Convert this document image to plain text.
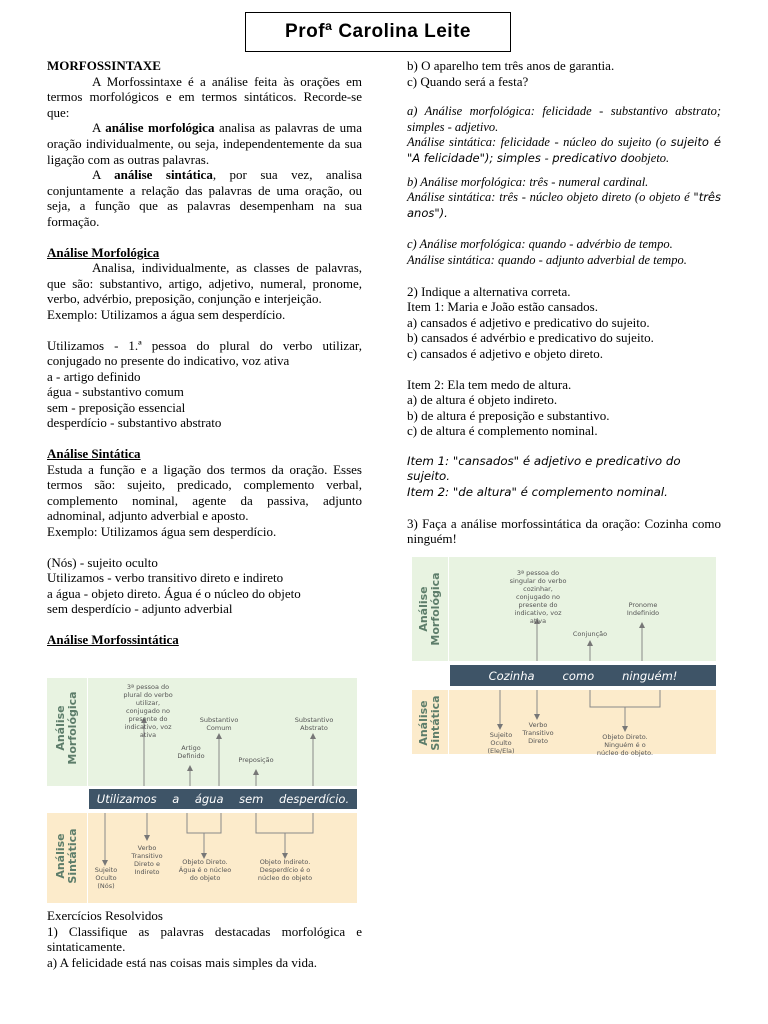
Profª Carolina Leite

MORFOSSINTAXE

A Morfossintaxe é a análise feita às orações em termos morfológicos e em termos sintáticos. Recorde-se que:

A análise morfológica analisa as palavras de uma oração individualmente, ou seja, independentemente da sua ligação com as outras palavras.

A análise sintática, por sua vez, analisa conjuntamente a relação das palavras de uma oração, ou seja, a função que as palavras desempenham na sua formação.

Análise Morfológica

Analisa, individualmente, as classes de palavras, que são: substantivo, artigo, adjetivo, numeral, pronome, verbo, advérbio, preposição, conjunção e interjeição.

Exemplo: Utilizamos a água sem desperdício.

Utilizamos - 1.ª pessoa do plural do verbo utilizar, conjugado no presente do indicativo, voz ativa

a - artigo definido

água - substantivo comum

sem - preposição essencial

desperdício - substantivo abstrato

Análise Sintática

Estuda a função e a ligação dos termos da oração. Esses termos são: sujeito, predicado, complemento verbal, complemento nominal, agente da passiva, adjunto adnominal, adjunto adverbial e aposto.

Exemplo: Utilizamos água sem desperdício.

(Nós) - sujeito oculto

Utilizamos - verbo transitivo direto e indireto

a água - objeto direto. Água é o núcleo do objeto

sem desperdício - adjunto adverbial

Análise Morfossintática

Utilizamos a água sem desperdício.
Análise
Morfológica
Análise
Sintática
3ª pessoa do plural do verbo utilizar, conjugado no presente do indicativo, voz ativa
Artigo Definido
Substantivo Comum
Preposição
Substantivo Abstrato
Sujeito Oculto (Nós)
Verbo Transitivo Direto e Indireto
Objeto Direto. Água é o núcleo do objeto
Objeto Indireto. Desperdício é o núcleo do objeto

Exercícios Resolvidos

1) Classifique as palavras destacadas morfológica e sintaticamente.

a) A felicidade está nas coisas mais simples da vida.

b) O aparelho tem três anos de garantia.

c) Quando será a festa?

a) Análise morfológica: felicidade - substantivo abstrato; simples - adjetivo.

Análise sintática: felicidade - núcleo do sujeito (o sujeito é "A felicidade"); simples - predicativo doobjeto.

b) Análise morfológica: três - numeral cardinal.

Análise sintática: três - núcleo objeto direto (o objeto é "três anos").

c) Análise morfológica: quando - advérbio de tempo.

Análise sintática: quando - adjunto adverbial de tempo.

2) Indique a alternativa correta.

Item 1: Maria e João estão cansados.

a) cansados é adjetivo e predicativo do sujeito.

b) cansados é advérbio e predicativo do sujeito.

c) cansados é adjetivo e objeto direto.

Item 2: Ela tem medo de altura.

a) de altura é objeto indireto.

b) de altura é preposição e substantivo.

c) de altura é complemento nominal.

Item 1: "cansados" é adjetivo e predicativo do sujeito.

Item 2: "de altura" é complemento nominal.

3) Faça a análise morfossintática da oração: Cozinha como ninguém!

Cozinha como ninguém!
Análise
Morfológica
Análise
Sintática
3ª pessoa do singular do verbo cozinhar, conjugado no presente do indicativo, voz ativa
Conjunção
Pronome Indefinido
Sujeito Oculto (Ele/Ela)
Verbo Transitivo Direto	Objeto Direto. Ninguém é o núcleo do objeto.
